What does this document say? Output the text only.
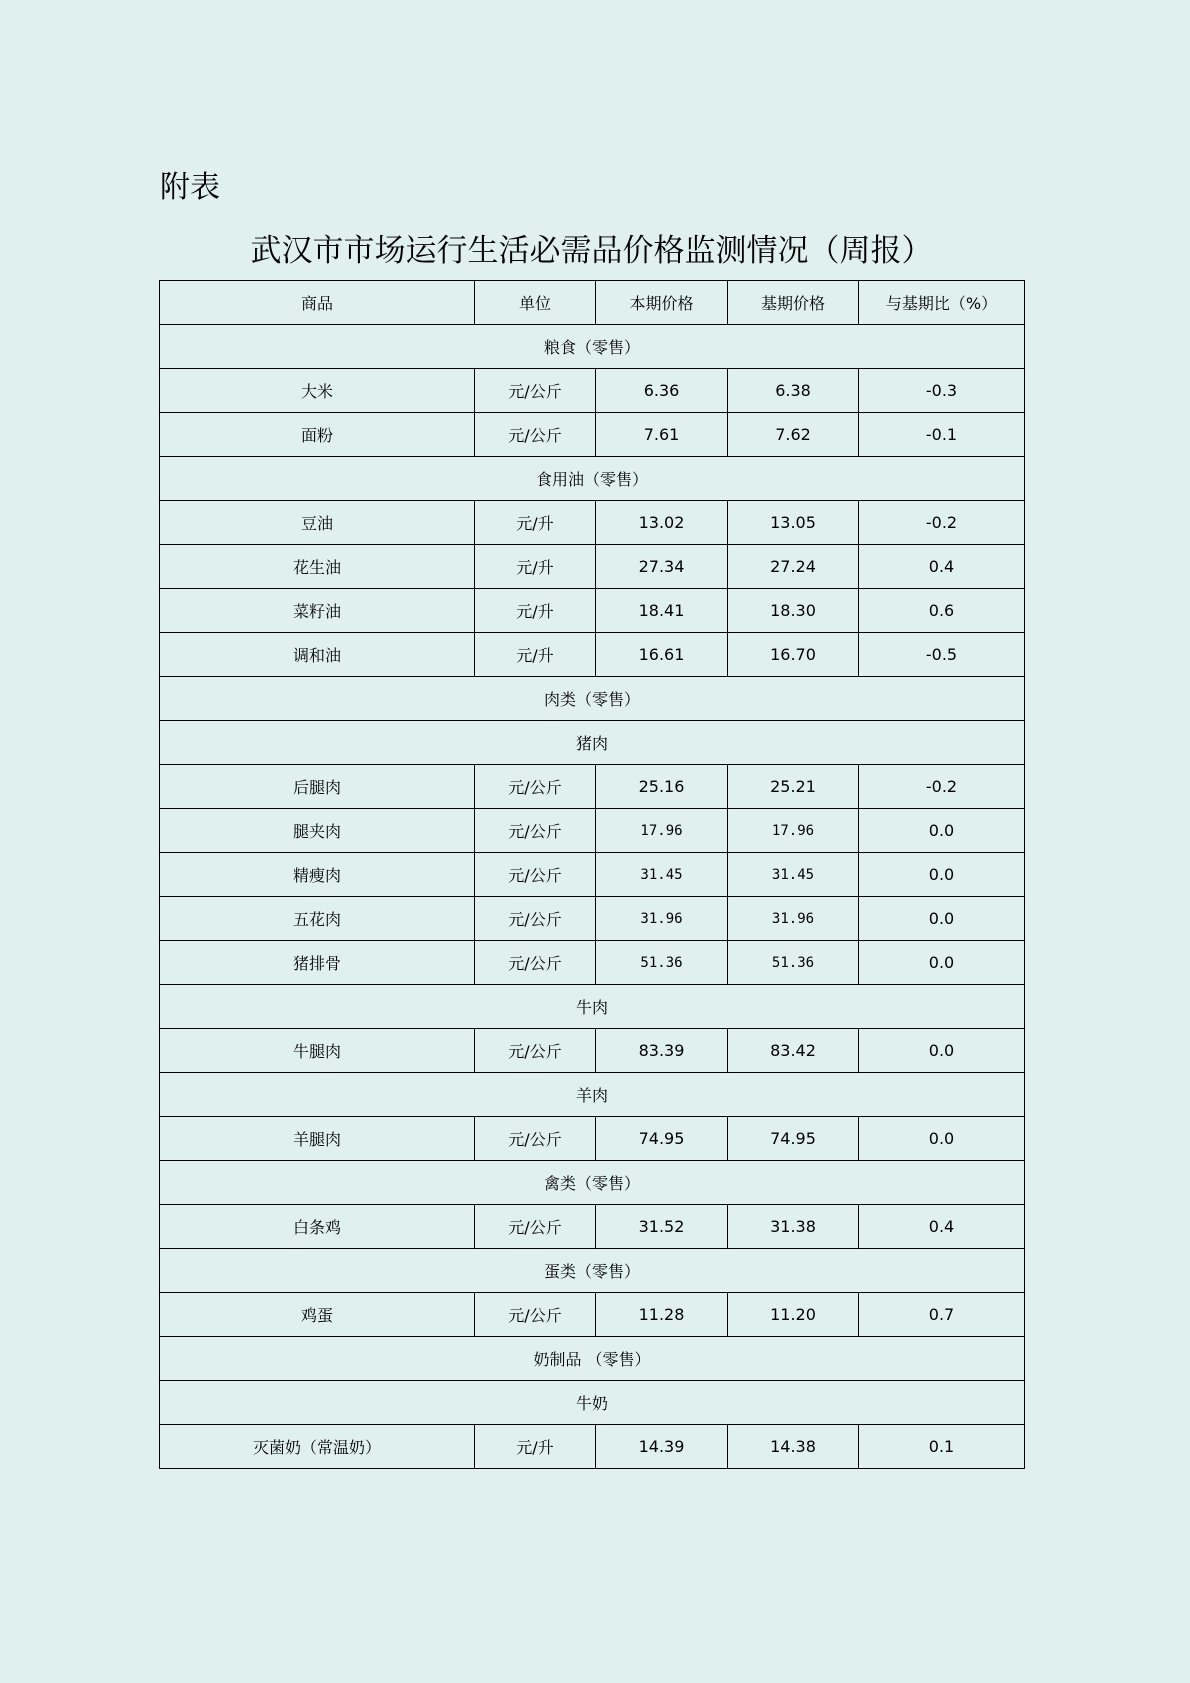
附表
武汉市市场运行生活必需品价格监测情况（周报）
商品	单位	本期价格	基期价格	与基期比（%）
粮食（零售）				
大米	元/公斤	6.36	6.38	-0.3
面粉	元/公斤	7.61	7.62	-0.1
食用油（零售）				
豆油	元/升	13.02	13.05	-0.2
花生油	元/升	27.34	27.24	0.4
菜籽油	元/升	18.41	18.30	0.6
调和油	元/升	16.61	16.70	-0.5
肉类（零售）				
猪肉				
后腿肉	元/公斤	25.16	25.21	-0.2
腿夹肉	元/公斤	17.96	17.96	0.0
精瘦肉	元/公斤	31.45	31.45	0.0
五花肉	元/公斤	31.96	31.96	0.0
猪排骨	元/公斤	51.36	51.36	0.0
牛肉				
牛腿肉	元/公斤	83.39	83.42	0.0
羊肉				
羊腿肉	元/公斤	74.95	74.95	0.0
禽类（零售）				
白条鸡	元/公斤	31.52	31.38	0.4
蛋类（零售）				
鸡蛋	元/公斤	11.28	11.20	0.7
奶制品 （零售）				
牛奶				
灭菌奶（常温奶）	元/升	14.39	14.38	0.1
